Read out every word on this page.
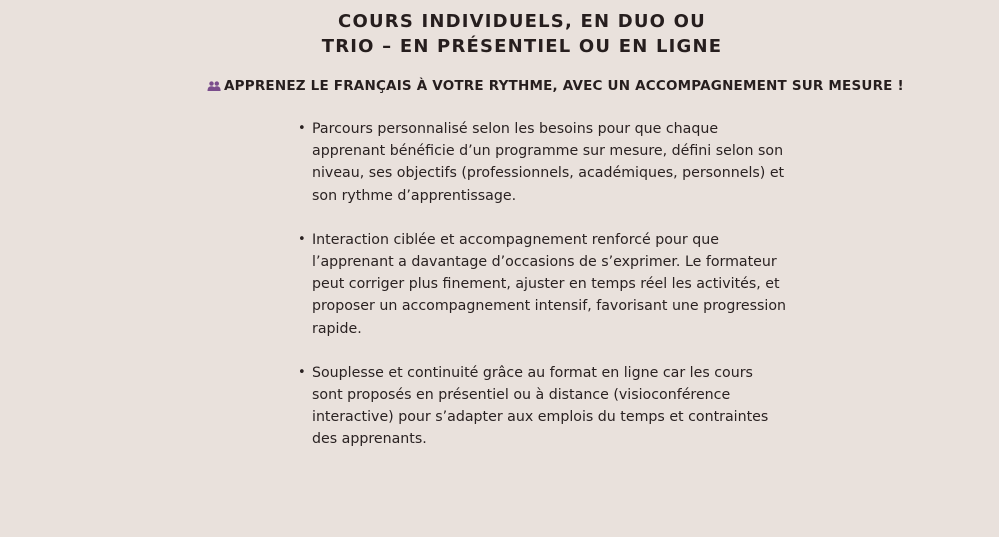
COURS INDIVIDUELS, EN DUO OU
TRIO – EN PRÉSENTIEL OU EN LIGNE
APPRENEZ LE FRANÇAIS À VOTRE RYTHME, AVEC UN ACCOMPAGNEMENT SUR MESURE !
• Parcours personnalisé selon les besoins pour que chaque apprenant bénéficie d’un programme sur mesure, défini selon son niveau, ses objectifs (professionnels, académiques, personnels) et son rythme d’apprentissage.
• Interaction ciblée et accompagnement renforcé pour que l’apprenant a davantage d’occasions de s’exprimer. Le formateur peut corriger plus finement, ajuster en temps réel les activités, et proposer un accompagnement intensif, favorisant une progression rapide.
• Souplesse et continuité grâce au format en ligne car les cours sont proposés en présentiel ou à distance (visioconférence interactive) pour s’adapter aux emplois du temps et contraintes des apprenants.
